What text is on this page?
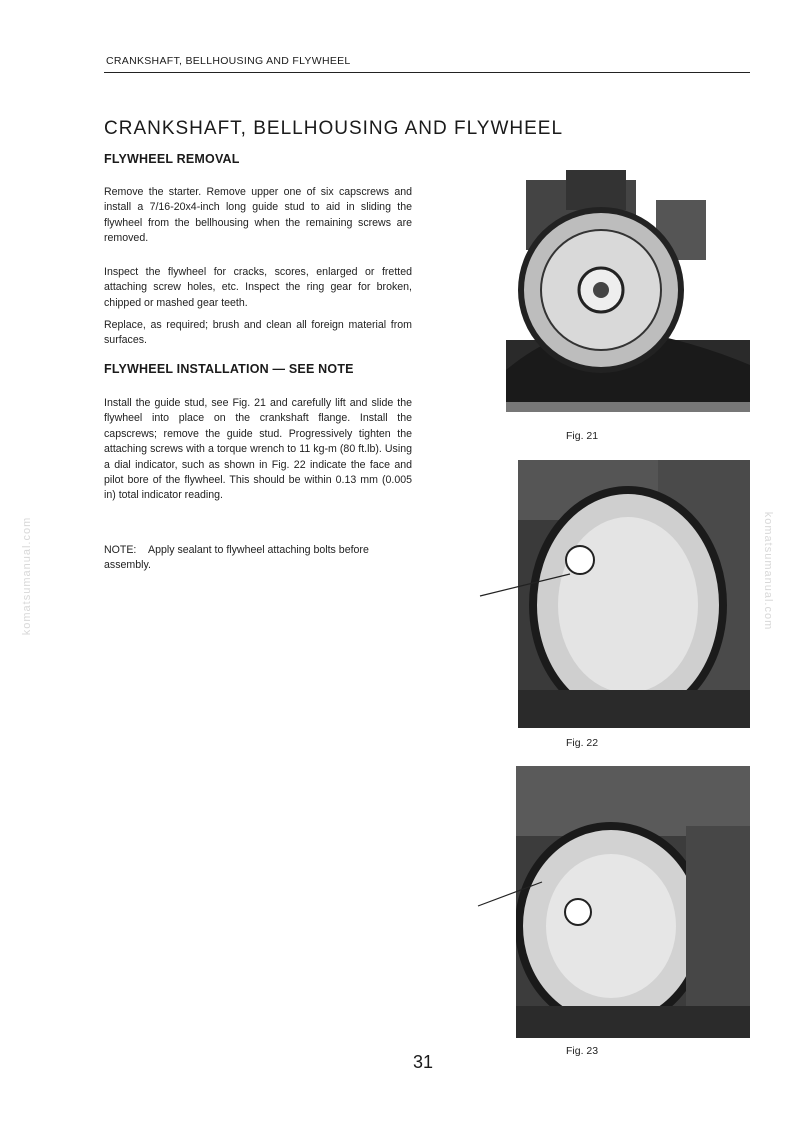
CRANKSHAFT, BELLHOUSING AND FLYWHEEL
CRANKSHAFT, BELLHOUSING AND FLYWHEEL
FLYWHEEL REMOVAL

Remove the starter. Remove upper one of six capscrews and install a 7/16-20x4-inch long guide stud to aid in sliding the flywheel from the bellhousing when the remaining screws are removed.

Inspect the flywheel for cracks, scores, enlarged or fretted attaching screw holes, etc. Inspect the ring gear for broken, chipped or mashed gear teeth.

Replace, as required; brush and clean all foreign material from surfaces.

FLYWHEEL INSTALLATION — SEE NOTE

Install the guide stud, see Fig. 21 and carefully lift and slide the flywheel into place on the crankshaft flange. Install the capscrews; remove the guide stud. Progressively tighten the attaching screws with a torque wrench to 11 kg-m (80 ft.lb). Using a dial indicator, such as shown in Fig. 22 indicate the face and pilot bore of the flywheel. This should be within 0.13 mm (0.005 in) total indicator reading.

NOTE: Apply sealant to flywheel attaching bolts before assembly.
Fig. 21
Fig. 22
Fig. 23
31
komatsumanual.com	komatsumanual.com
